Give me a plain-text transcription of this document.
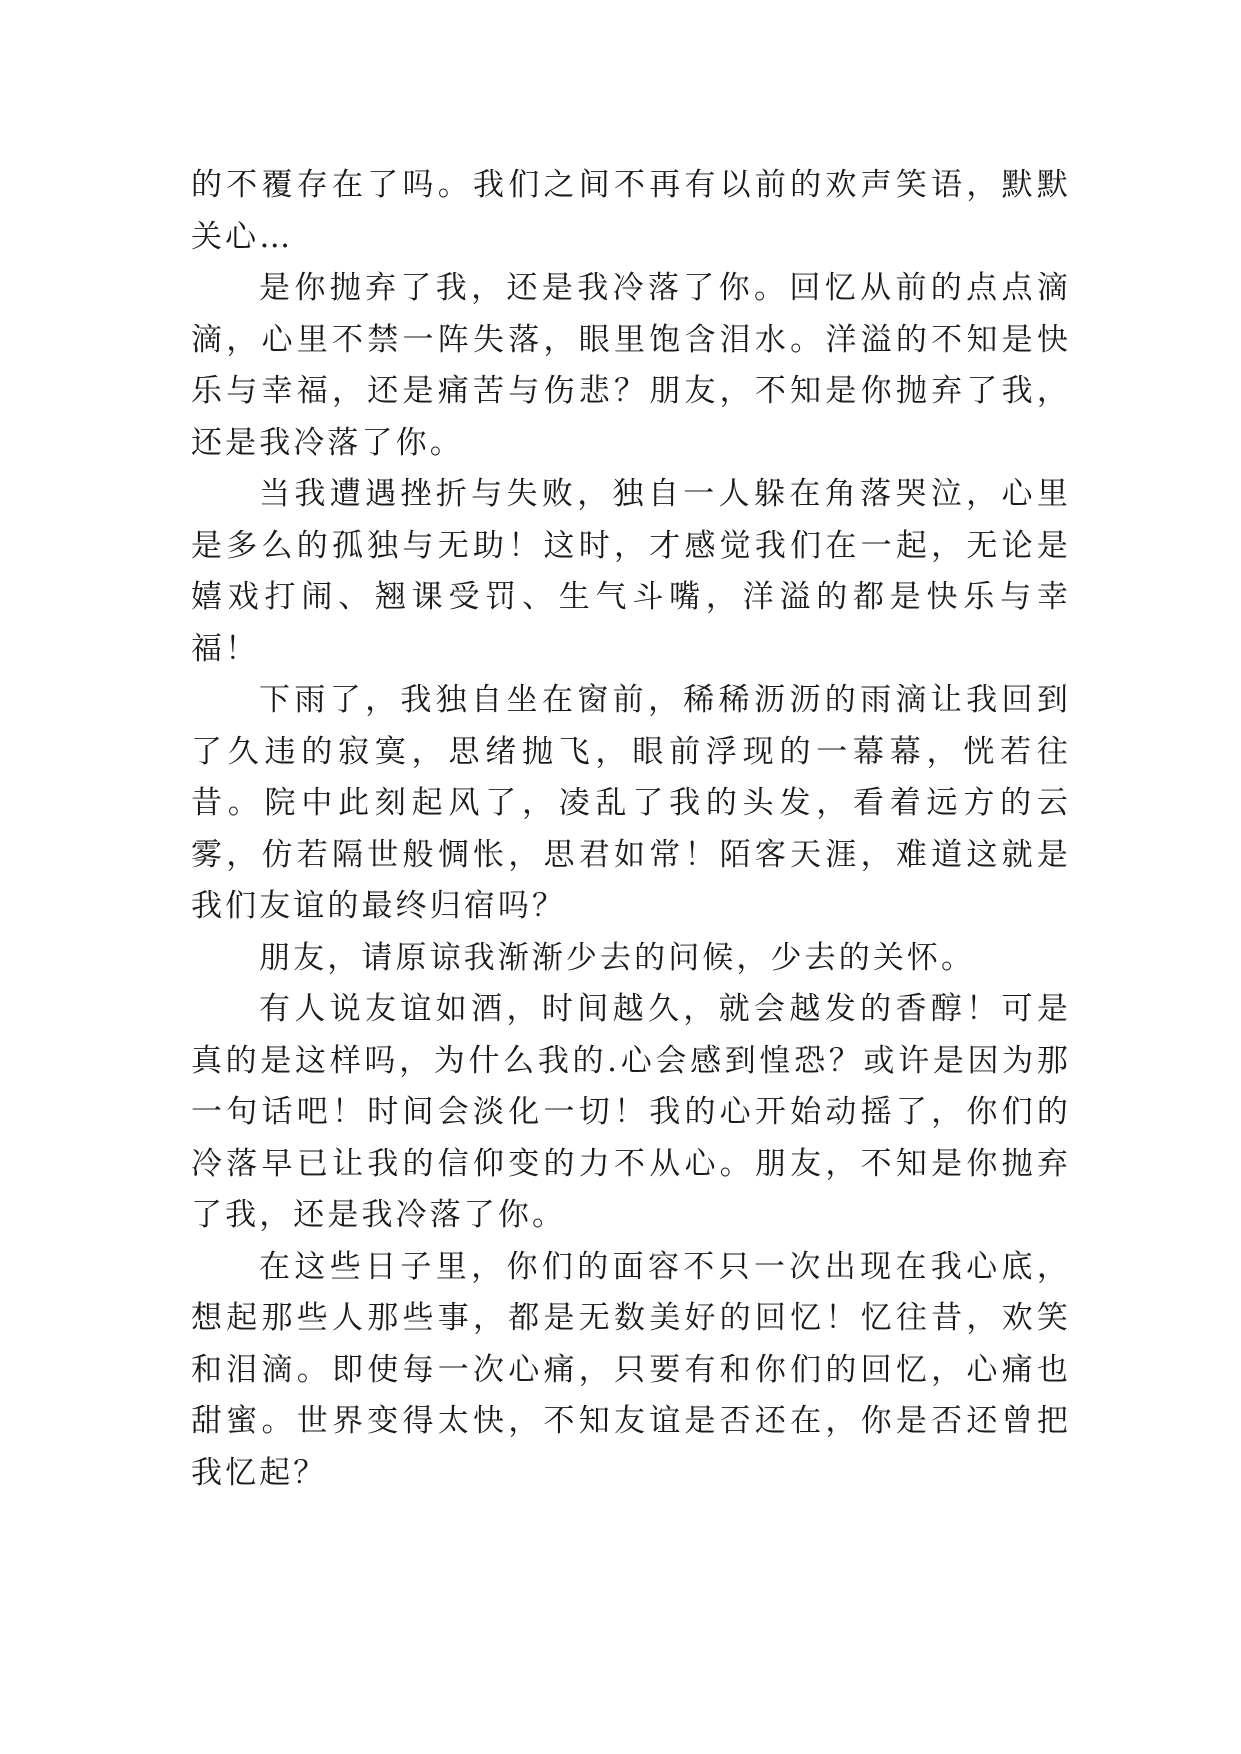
的不覆存在了吗。我们之间不再有以前的欢声笑语，默默关心…

是你抛弃了我，还是我冷落了你。回忆从前的点点滴滴，心里不禁一阵失落，眼里饱含泪水。洋溢的不知是快乐与幸福，还是痛苦与伤悲？朋友，不知是你抛弃了我，还是我冷落了你。

当我遭遇挫折与失败，独自一人躲在角落哭泣，心里是多么的孤独与无助！这时，才感觉我们在一起，无论是嬉戏打闹、翘课受罚、生气斗嘴，洋溢的都是快乐与幸福！

下雨了，我独自坐在窗前，稀稀沥沥的雨滴让我回到了久违的寂寞，思绪抛飞，眼前浮现的一幕幕，恍若往昔。院中此刻起风了，凌乱了我的头发，看着远方的云雾，仿若隔世般惆怅，思君如常！陌客天涯，难道这就是我们友谊的最终归宿吗？

朋友，请原谅我渐渐少去的问候，少去的关怀。

有人说友谊如酒，时间越久，就会越发的香醇！可是真的是这样吗，为什么我的.心会感到惶恐？或许是因为那一句话吧！时间会淡化一切！我的心开始动摇了，你们的冷落早已让我的信仰变的力不从心。朋友，不知是你抛弃了我，还是我冷落了你。

在这些日子里，你们的面容不只一次出现在我心底，想起那些人那些事，都是无数美好的回忆！忆往昔，欢笑和泪滴。即使每一次心痛，只要有和你们的回忆，心痛也甜蜜。世界变得太快，不知友谊是否还在，你是否还曾把我忆起？
